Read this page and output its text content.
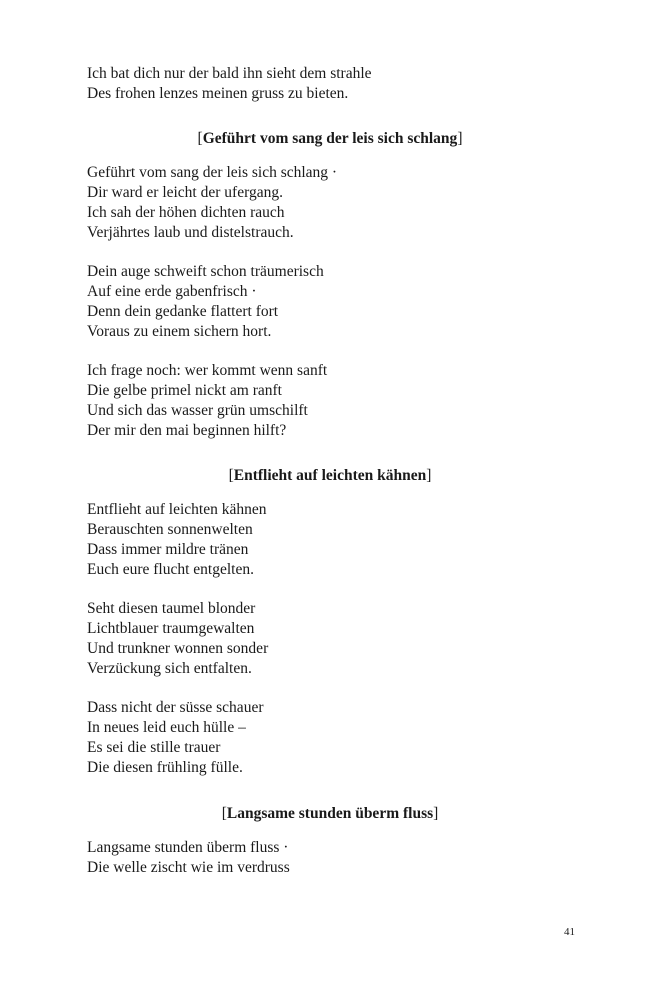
Ich bat dich nur der bald ihn sieht dem strahle
Des frohen lenzes meinen gruss zu bieten.
[Geführt vom sang der leis sich schlang]
Geführt vom sang der leis sich schlang ·
Dir ward er leicht der ufergang.
Ich sah der höhen dichten rauch
Verjährtes laub und distelstrauch.
Dein auge schweift schon träumerisch
Auf eine erde gabenfrisch ·
Denn dein gedanke flattert fort
Voraus zu einem sichern hort.
Ich frage noch: wer kommt wenn sanft
Die gelbe primel nickt am ranft
Und sich das wasser grün umschilft
Der mir den mai beginnen hilft?
[Entflieht auf leichten kähnen]
Entflieht auf leichten kähnen
Berauschten sonnenwelten
Dass immer mildre tränen
Euch eure flucht entgelten.
Seht diesen taumel blonder
Lichtblauer traumgewalten
Und trunkner wonnen sonder
Verzückung sich entfalten.
Dass nicht der süsse schauer
In neues leid euch hülle –
Es sei die stille trauer
Die diesen frühling fülle.
[Langsame stunden überm fluss]
Langsame stunden überm fluss ·
Die welle zischt wie im verdruss
41
